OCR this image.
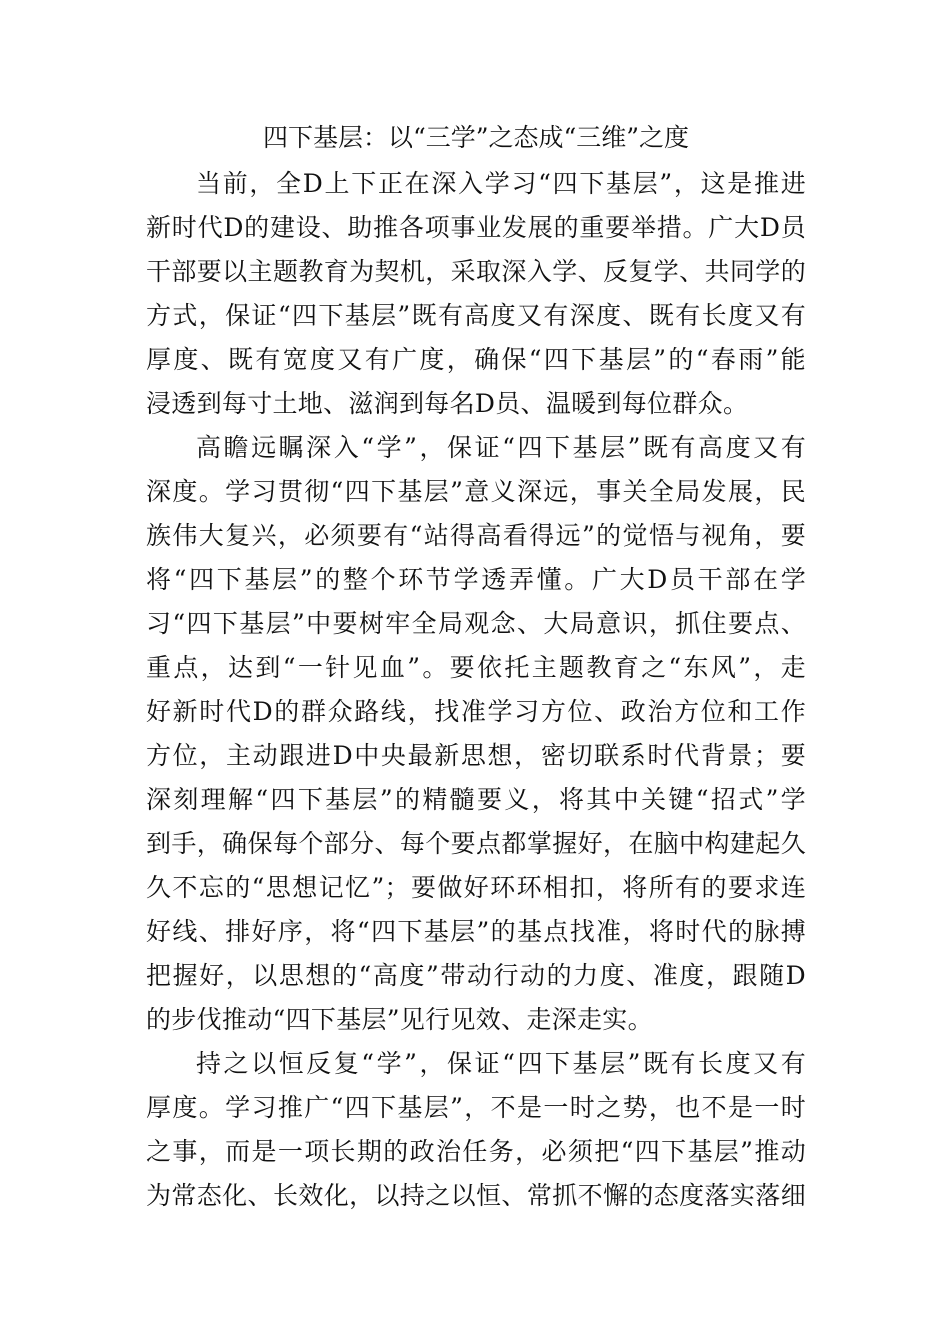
四下基层：以“三学”之态成“三维”之度
当前，全D上下正在深入学习“四下基层”，这是推进
新时代D的建设、助推各项事业发展的重要举措。广大D员
干部要以主题教育为契机，采取深入学、反复学、共同学的
方式，保证“四下基层”既有高度又有深度、既有长度又有
厚度、既有宽度又有广度，确保“四下基层”的“春雨”能
浸透到每寸土地、滋润到每名D员、温暖到每位群众。
高瞻远瞩深入“学”，保证“四下基层”既有高度又有
深度。学习贯彻“四下基层”意义深远，事关全局发展，民
族伟大复兴，必须要有“站得高看得远”的觉悟与视角，要
将“四下基层”的整个环节学透弄懂。广大D员干部在学
习“四下基层”中要树牢全局观念、大局意识，抓住要点、
重点，达到“一针见血”。要依托主题教育之“东风”，走
好新时代D的群众路线，找准学习方位、政治方位和工作
方位，主动跟进D中央最新思想，密切联系时代背景；要
深刻理解“四下基层”的精髓要义，将其中关键“招式”学
到手，确保每个部分、每个要点都掌握好，在脑中构建起久
久不忘的“思想记忆”；要做好环环相扣，将所有的要求连
好线、排好序，将“四下基层”的基点找准，将时代的脉搏
把握好，以思想的“高度”带动行动的力度、准度，跟随D
的步伐推动“四下基层”见行见效、走深走实。
持之以恒反复“学”，保证“四下基层”既有长度又有
厚度。学习推广“四下基层”，不是一时之势，也不是一时
之事，而是一项长期的政治任务，必须把“四下基层”推动
为常态化、长效化，以持之以恒、常抓不懈的态度落实落细
